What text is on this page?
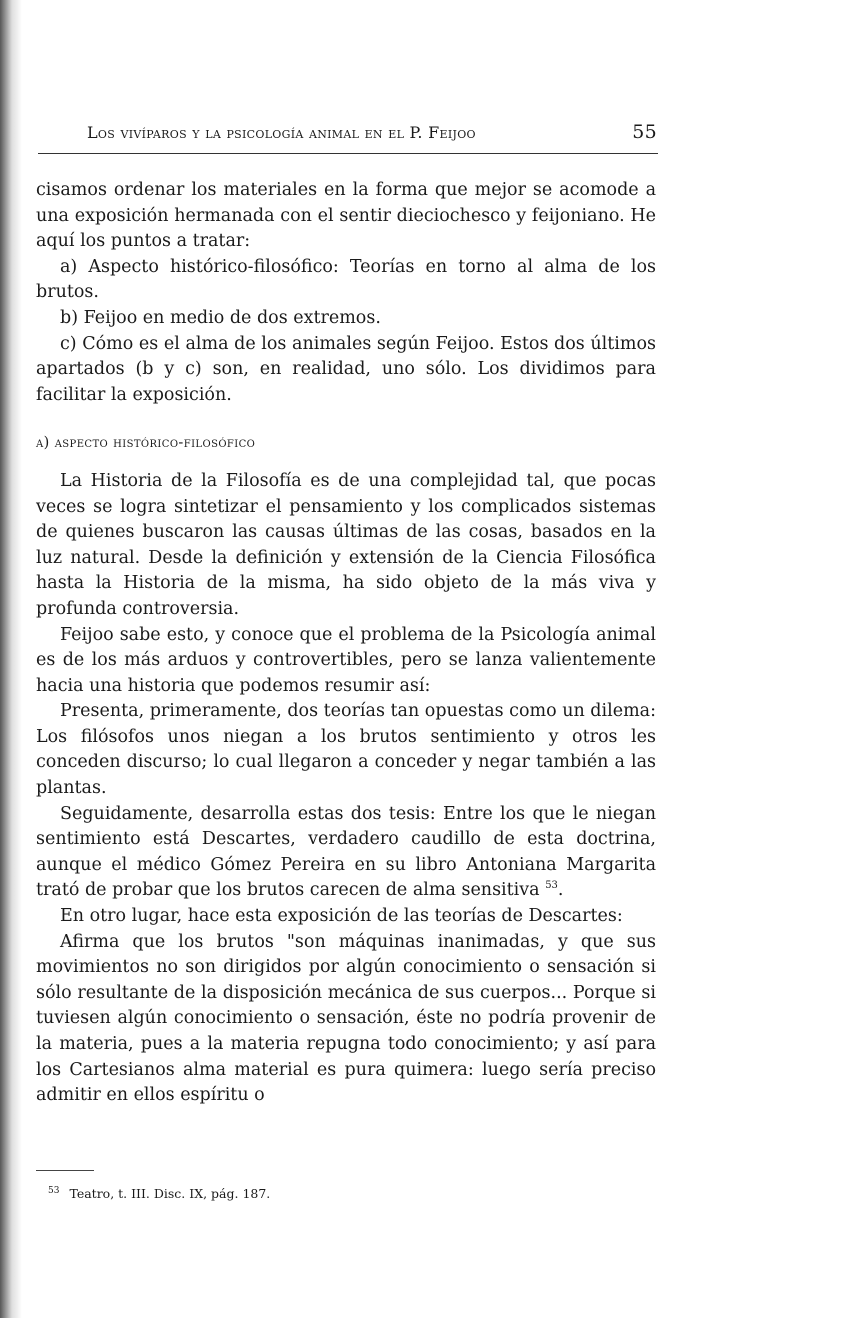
Los vivíparos y la psicología animal en el P. Feijoo	55

cisamos ordenar los materiales en la forma que mejor se acomode a una exposición hermanada con el sentir dieciochesco y feijoniano. He aquí los puntos a tratar:

a) Aspecto histórico-filosófico: Teorías en torno al alma de los brutos.

b) Feijoo en medio de dos extremos.

c) Cómo es el alma de los animales según Feijoo. Estos dos últimos apartados (b y c) son, en realidad, uno sólo. Los dividimos para facilitar la exposición.

a) aspecto histórico-filosófico

La Historia de la Filosofía es de una complejidad tal, que pocas veces se logra sintetizar el pensamiento y los complicados sistemas de quienes buscaron las causas últimas de las cosas, basados en la luz natural. Desde la definición y extensión de la Ciencia Filosófica hasta la Historia de la misma, ha sido objeto de la más viva y profunda controversia.

Feijoo sabe esto, y conoce que el problema de la Psicología animal es de los más arduos y controvertibles, pero se lanza valientemente hacia una historia que podemos resumir así:

Presenta, primeramente, dos teorías tan opuestas como un dilema: Los filósofos unos niegan a los brutos sentimiento y otros les conceden discurso; lo cual llegaron a conceder y negar también a las plantas.

Seguidamente, desarrolla estas dos tesis: Entre los que le niegan sentimiento está Descartes, verdadero caudillo de esta doctrina, aunque el médico Gómez Pereira en su libro Antoniana Margarita trató de probar que los brutos carecen de alma sensitiva $^{53}$.

En otro lugar, hace esta exposición de las teorías de Descartes:

Afirma que los brutos "son máquinas inanimadas, y que sus movimientos no son dirigidos por algún conocimiento o sensación si sólo resultante de la disposición mecánica de sus cuerpos... Porque si tuviesen algún conocimiento o sensación, éste no podría provenir de la materia, pues a la materia repugna todo conocimiento; y así para los Cartesianos alma material es pura quimera: luego sería preciso admitir en ellos espíritu o

$^{53}$ Teatro, t. III. Disc. IX, pág. 187.
